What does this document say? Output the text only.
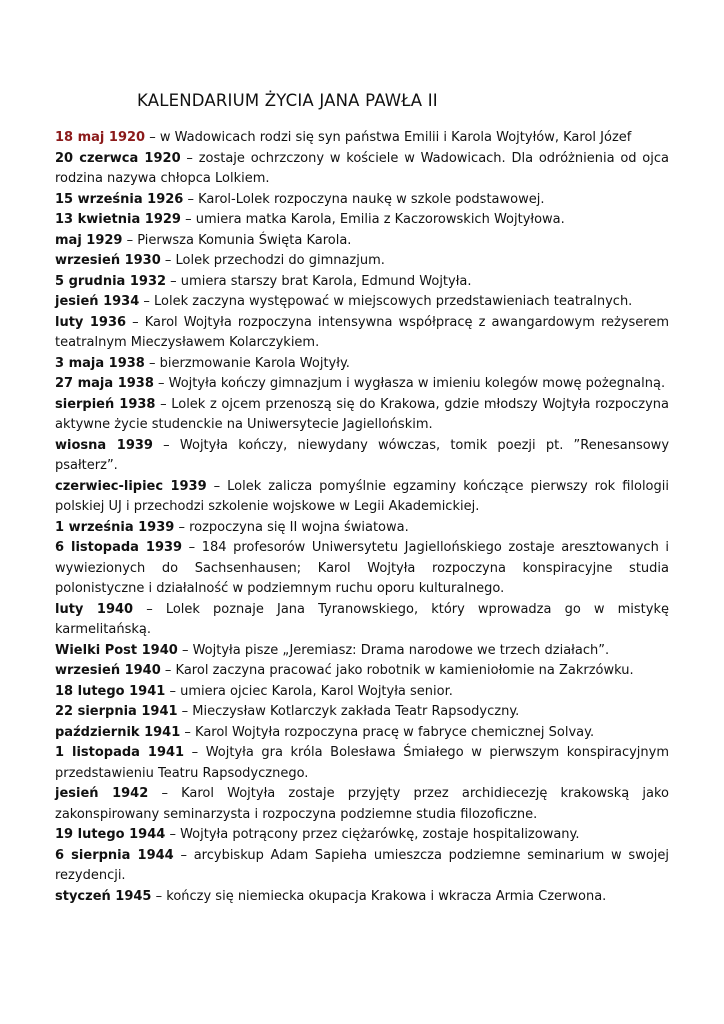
KALENDARIUM ŻYCIA JANA PAWŁA II

18 maj 1920 – w Wadowicach rodzi się syn państwa Emilii i Karola Wojtyłów, Karol Józef

20 czerwca 1920 – zostaje ochrzczony w kościele w Wadowicach. Dla odróżnienia od ojca rodzina nazywa chłopca Lolkiem.

15 września 1926 – Karol-Lolek rozpoczyna naukę w szkole podstawowej.

13 kwietnia 1929 – umiera matka Karola, Emilia z Kaczorowskich Wojtyłowa.

maj 1929 – Pierwsza Komunia Święta Karola.

wrzesień 1930 – Lolek przechodzi do gimnazjum.

5 grudnia 1932 – umiera starszy brat Karola, Edmund Wojtyła.

jesień 1934 – Lolek zaczyna występować w miejscowych przedstawieniach teatralnych.

luty 1936 – Karol Wojtyła rozpoczyna intensywna współpracę z awangardowym reżyserem teatralnym Mieczysławem Kolarczykiem.

3 maja 1938 – bierzmowanie Karola Wojtyły.

27 maja 1938 – Wojtyła kończy gimnazjum i wygłasza w imieniu kolegów mowę pożegnalną.

sierpień 1938 – Lolek z ojcem przenoszą się do Krakowa, gdzie młodszy Wojtyła rozpoczyna aktywne życie studenckie na Uniwersytecie Jagiellońskim.

wiosna 1939 – Wojtyła kończy, niewydany wówczas, tomik poezji pt. ”Renesansowy psałterz”.

czerwiec-lipiec 1939 – Lolek zalicza pomyślnie egzaminy kończące pierwszy rok filologii polskiej UJ i przechodzi szkolenie wojskowe w Legii Akademickiej.

1 września 1939 – rozpoczyna się II wojna światowa.

6 listopada 1939 – 184 profesorów Uniwersytetu Jagiellońskiego zostaje aresztowanych i wywiezionych do Sachsenhausen; Karol Wojtyła rozpoczyna konspiracyjne studia polonistyczne i działalność w podziemnym ruchu oporu kulturalnego.

luty 1940 – Lolek poznaje Jana Tyranowskiego, który wprowadza go w mistykę karmelitańską.

Wielki Post 1940 – Wojtyła pisze „Jeremiasz: Drama narodowe we trzech działach”.

wrzesień 1940 – Karol zaczyna pracować jako robotnik w kamieniołomie na Zakrzówku.

18 lutego 1941 – umiera ojciec Karola, Karol Wojtyła senior.

22 sierpnia 1941 – Mieczysław Kotlarczyk zakłada Teatr Rapsodyczny.

październik 1941 – Karol Wojtyła rozpoczyna pracę w fabryce chemicznej Solvay.

1 listopada 1941 – Wojtyła gra króla Bolesława Śmiałego w pierwszym konspiracyjnym przedstawieniu Teatru Rapsodycznego.

jesień 1942 – Karol Wojtyła zostaje przyjęty przez archidiecezję krakowską jako zakonspirowany seminarzysta i rozpoczyna podziemne studia filozoficzne.

19 lutego 1944 – Wojtyła potrącony przez ciężarówkę, zostaje hospitalizowany.

6 sierpnia 1944 – arcybiskup Adam Sapieha umieszcza podziemne seminarium w swojej rezydencji.

styczeń 1945 – kończy się niemiecka okupacja Krakowa i wkracza Armia Czerwona.
